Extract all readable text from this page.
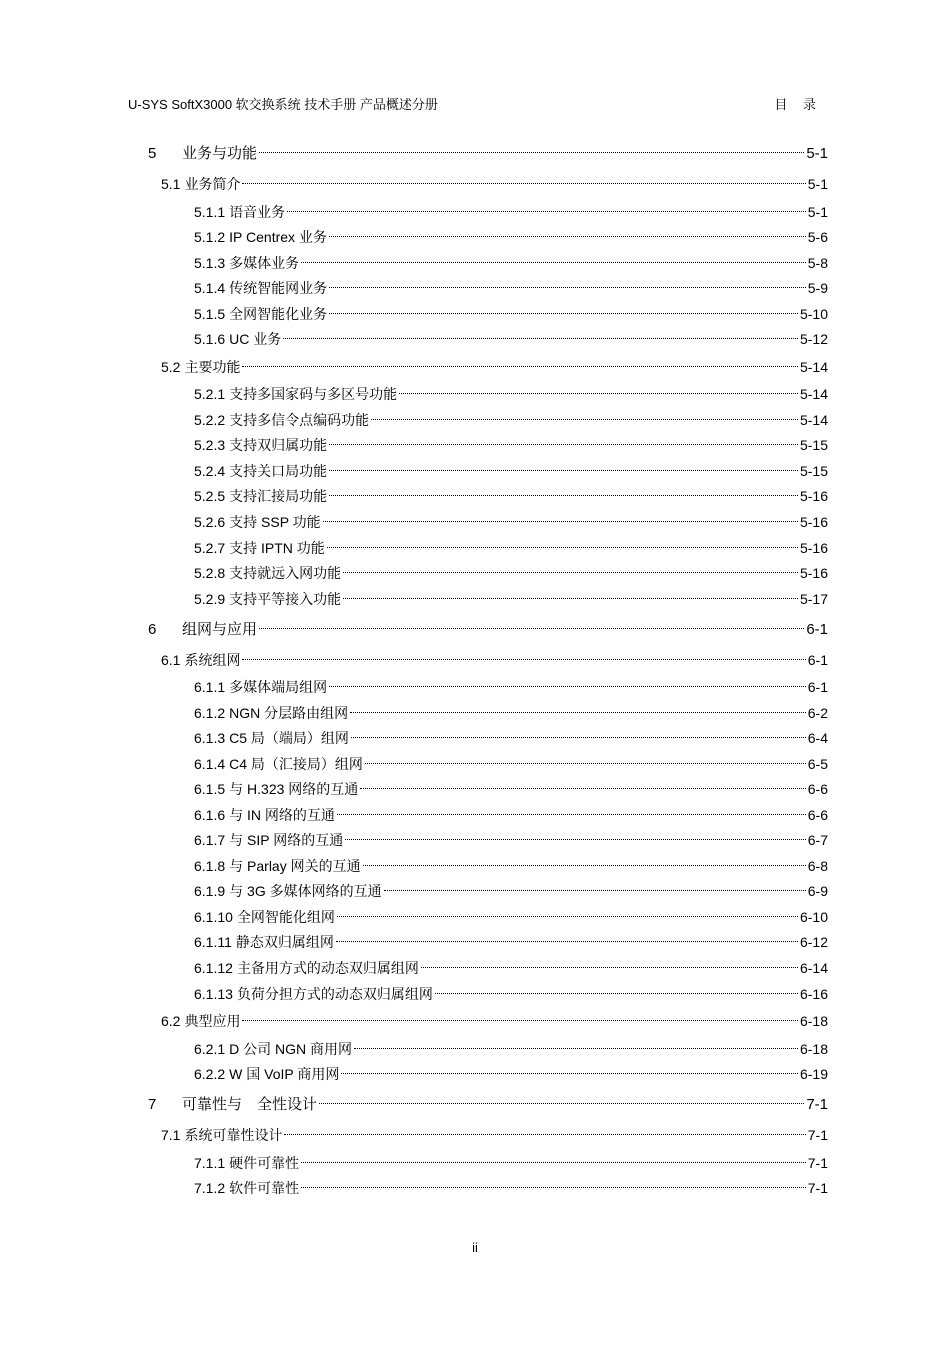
U-SYS SoftX3000 软交换系统 技术手册 产品概述分册	目 录
5	业务与功能	5-1
5.1 业务简介	5-1
5.1.1 语音业务	5-1
5.1.2 IP Centrex 业务	5-6
5.1.3 多媒体业务	5-8
5.1.4 传统智能网业务	5-9
5.1.5 全网智能化业务	5-10
5.1.6 UC 业务	5-12
5.2 主要功能	5-14
5.2.1 支持多国家码与多区号功能	5-14
5.2.2 支持多信令点编码功能	5-14
5.2.3 支持双归属功能	5-15
5.2.4 支持关口局功能	5-15
5.2.5 支持汇接局功能	5-16
5.2.6 支持 SSP 功能	5-16
5.2.7 支持 IPTN 功能	5-16
5.2.8 支持就远入网功能	5-16
5.2.9 支持平等接入功能	5-17
6	组网与应用	6-1
6.1 系统组网	6-1
6.1.1 多媒体端局组网	6-1
6.1.2 NGN 分层路由组网	6-2
6.1.3 C5 局（端局）组网	6-4
6.1.4 C4 局（汇接局）组网	6-5
6.1.5 与 H.323 网络的互通	6-6
6.1.6 与 IN 网络的互通	6-6
6.1.7 与 SIP 网络的互通	6-7
6.1.8 与 Parlay 网关的互通	6-8
6.1.9 与 3G 多媒体网络的互通	6-9
6.1.10 全网智能化组网	6-10
6.1.11 静态双归属组网	6-12
6.1.12 主备用方式的动态双归属组网	6-14
6.1.13 负荷分担方式的动态双归属组网	6-16
6.2 典型应用	6-18
6.2.1 D 公司 NGN 商用网	6-18
6.2.2 W 国 VoIP 商用网	6-19
7	可靠性与　全性设计	7-1
7.1 系统可靠性设计	7-1
7.1.1 硬件可靠性	7-1
7.1.2 软件可靠性	7-1
ii
